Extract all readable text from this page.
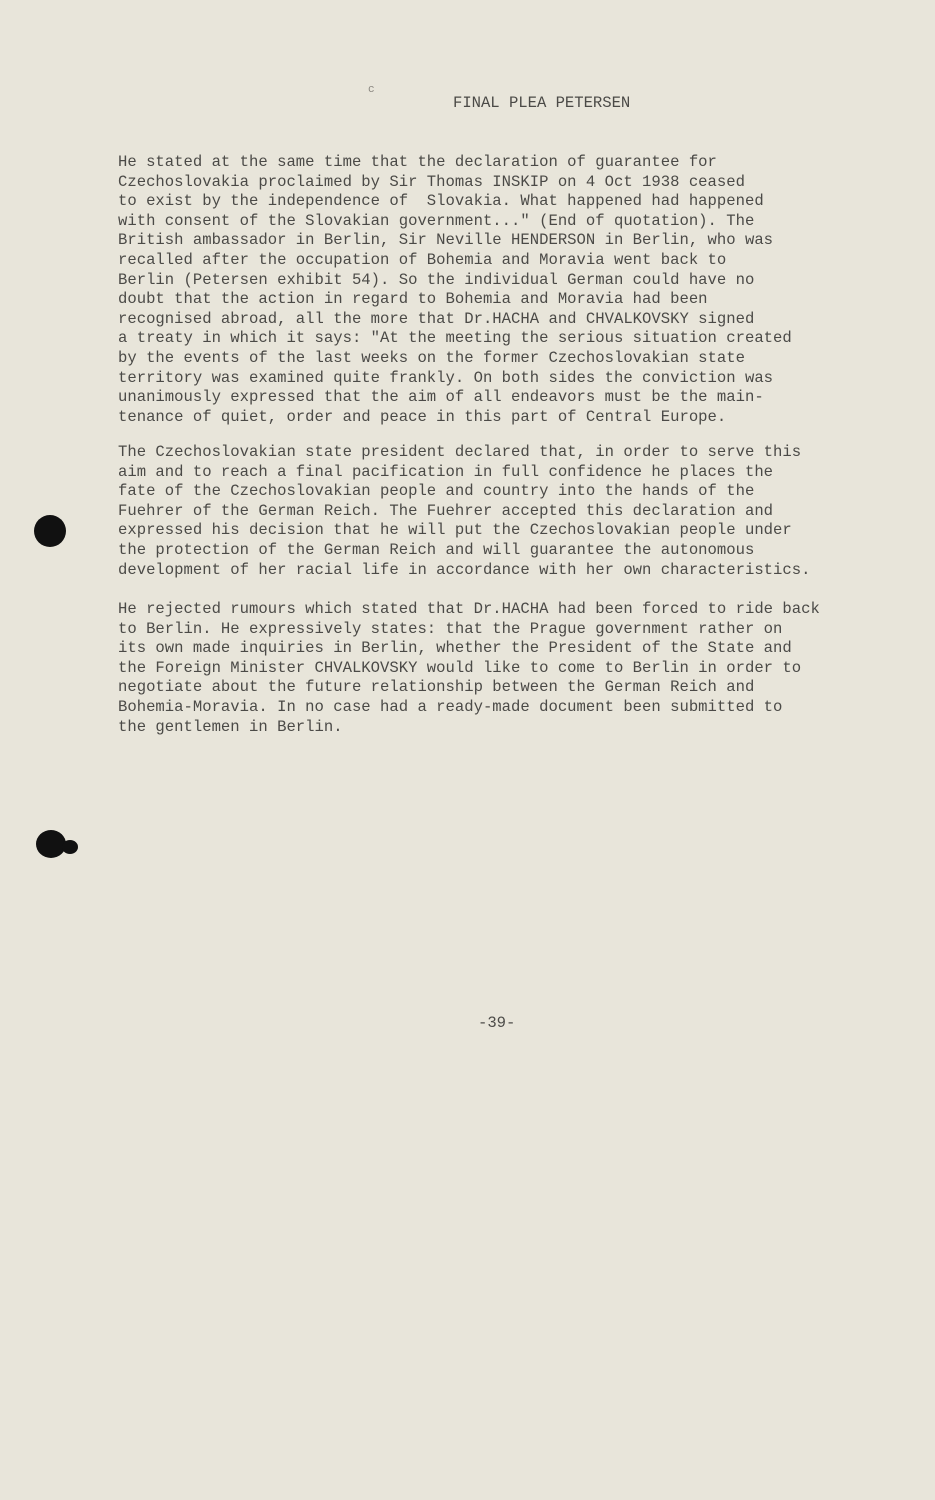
c
FINAL PLEA PETERSEN
He stated at the same time that the declaration of guarantee for
Czechoslovakia proclaimed by Sir Thomas INSKIP on 4 Oct 1938 ceased
to exist by the independence of  Slovakia. What happened had happened
with consent of the Slovakian government..." (End of quotation). The
British ambassador in Berlin, Sir Neville HENDERSON in Berlin, who was
recalled after the occupation of Bohemia and Moravia went back to
Berlin (Petersen exhibit 54). So the individual German could have no
doubt that the action in regard to Bohemia and Moravia had been
recognised abroad, all the more that Dr.HACHA and CHVALKOVSKY signed
a treaty in which it says: "At the meeting the serious situation created
by the events of the last weeks on the former Czechoslovakian state
territory was examined quite frankly. On both sides the conviction was
unanimously expressed that the aim of all endeavors must be the main-
tenance of quiet, order and peace in this part of Central Europe.
The Czechoslovakian state president declared that, in order to serve this
aim and to reach a final pacification in full confidence he places the
fate of the Czechoslovakian people and country into the hands of the
Fuehrer of the German Reich. The Fuehrer accepted this declaration and
expressed his decision that he will put the Czechoslovakian people under
the protection of the German Reich and will guarantee the autonomous
development of her racial life in accordance with her own characteristics.
He rejected rumours which stated that Dr.HACHA had been forced to ride back
to Berlin. He expressively states: that the Prague government rather on
its own made inquiries in Berlin, whether the President of the State and
the Foreign Minister CHVALKOVSKY would like to come to Berlin in order to
negotiate about the future relationship between the German Reich and
Bohemia-Moravia. In no case had a ready-made document been submitted to
the gentlemen in Berlin.
-39-
